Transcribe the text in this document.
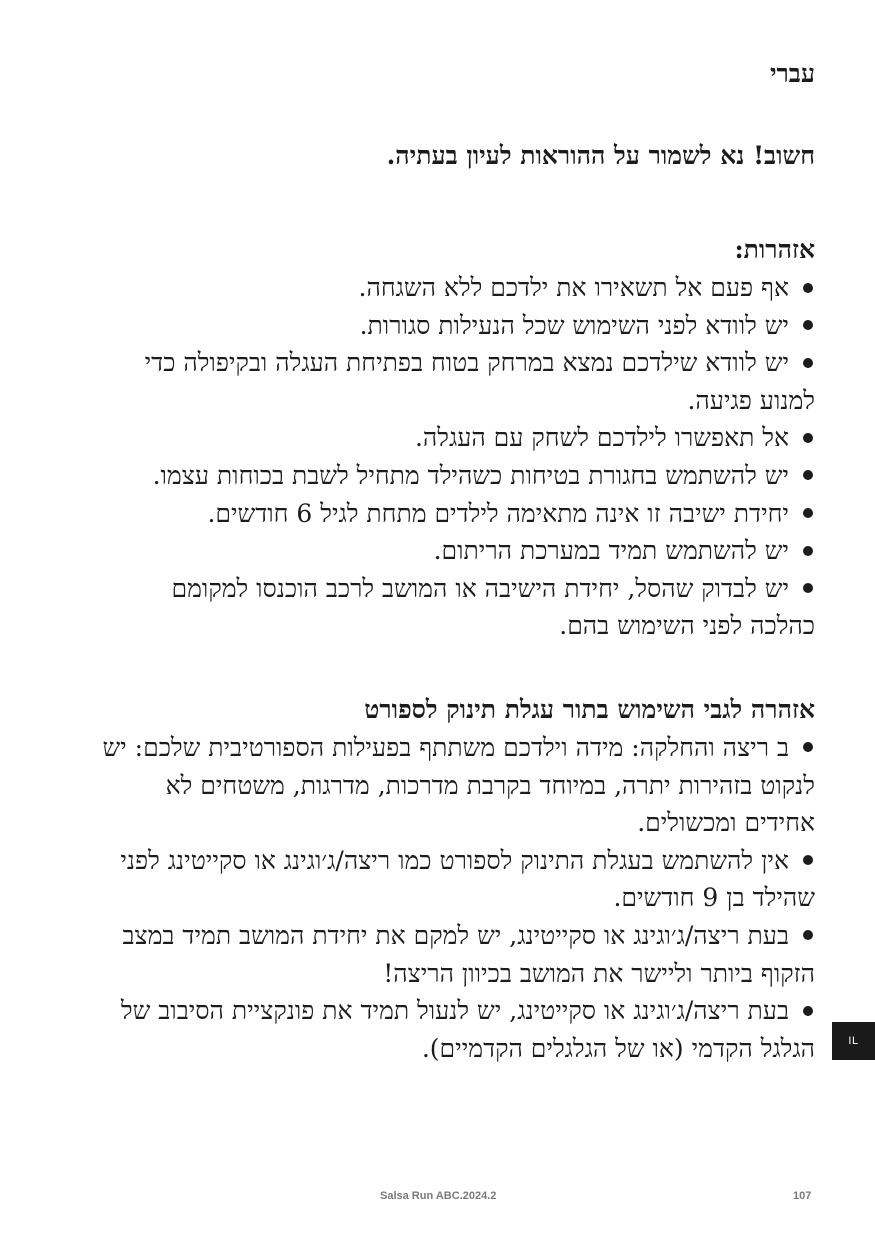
עברי
חשוב! נא לשמור על ההוראות לעיון בעתיה.
אזהרות:
אף פעם אל תשאירו את ילדכם ללא השגחה.
יש לוודא לפני השימוש שכל הנעילות סגורות.
יש לוודא שילדכם נמצא במרחק בטוח בפתיחת העגלה ובקיפולה כדי למנוע פגיעה.
אל תאפשרו לילדכם לשחק עם העגלה.
יש להשתמש בחגורת בטיחות כשהילד מתחיל לשבת בכוחות עצמו.
יחידת ישיבה זו אינה מתאימה לילדים מתחת לגיל 6 חודשים.
יש להשתמש תמיד במערכת הריתום.
יש לבדוק שהסל, יחידת הישיבה או המושב לרכב הוכנסו למקומם כהלכה לפני השימוש בהם.
אזהרה לגבי השימוש בתור עגלת תינוק לספורט
ב ריצה והחלקה: מידה וילדכם משתתף בפעילות הספורטיבית שלכם: יש לנקוט בזהירות יתרה, במיוחד בקרבת מדרכות, מדרגות, משטחים לא אחידים ומכשולים.
אין להשתמש בעגלת התינוק לספורט כמו ריצה/ג׳וגינג או סקייטינג לפני שהילד בן 9 חודשים.
בעת ריצה/ג׳וגינג או סקייטינג, יש למקם את יחידת המושב תמיד במצב הזקוף ביותר וליישר את המושב בכיוון הריצה!
בעת ריצה/ג׳וגינג או סקייטינג, יש לנעול תמיד את פונקציית הסיבוב של הגלגל הקדמי (או של הגלגלים הקדמיים).	IL
Salsa Run ABC.2024.2	107
